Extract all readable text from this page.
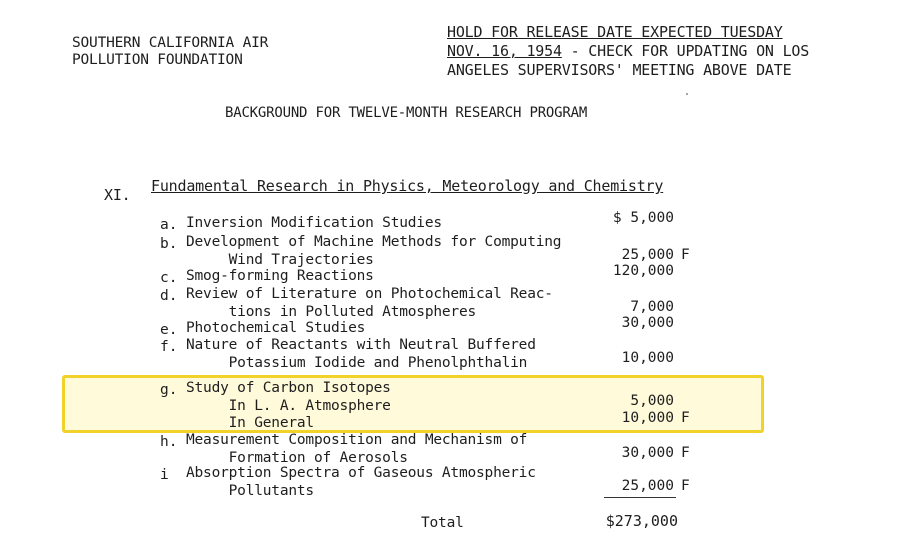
SOUTHERN CALIFORNIA AIR
POLLUTION FOUNDATION
HOLD FOR RELEASE DATE EXPECTED TUESDAY
NOV. 16, 1954 - CHECK FOR UPDATING ON LOS
ANGELES SUPERVISORS' MEETING ABOVE DATE
BACKGROUND FOR TWELVE-MONTH RESEARCH PROGRAM
XI. Fundamental Research in Physics, Meteorology and Chemistry
a. Inversion Modification Studies	$ 5,000
b. Development of Machine Methods for Computing
Wind Trajectories	25,000 F
c. Smog-forming Reactions	120,000
d. Review of Literature on Photochemical Reac-
tions in Polluted Atmospheres	7,000
e. Photochemical Studies	30,000
f. Nature of Reactants with Neutral Buffered
Potassium Iodide and Phenolphthalin	10,000
g. Study of Carbon Isotopes
In L. A. Atmosphere	5,000
In General	10,000 F
h. Measurement Composition and Mechanism of
Formation of Aerosols	30,000 F
i Absorption Spectra of Gaseous Atmospheric
Pollutants	25,000 F
Total	$273,000
